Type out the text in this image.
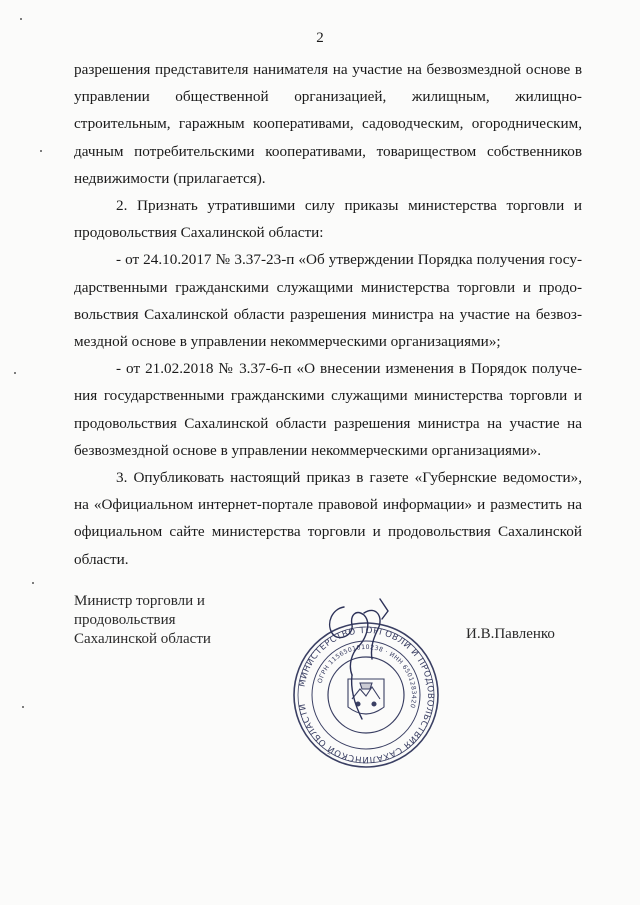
2

разрешения представителя нанимателя на участие на безвозмездной основе в управлении общественной организацией, жилищным, жилищно-строительным, гаражным кооперативами, садоводческим, огородническим, дачным потребительскими кооперативами, товариществом собственников недвижимости (прилагается).

2. Признать утратившими силу приказы министерства торговли и продовольствия Сахалинской области:

- от 24.10.2017 № 3.37-23-п «Об утверждении Порядка получения государственными гражданскими служащими министерства торговли и продовольствия Сахалинской области разрешения министра на участие на безвозмездной основе в управлении некоммерческими организациями»;

- от 21.02.2018 № 3.37-6-п «О внесении изменения в Порядок получения государственными гражданскими служащими министерства торговли и продовольствия Сахалинской области разрешения министра на участие на безвозмездной основе в управлении некоммерческими организациями».

3. Опубликовать настоящий приказ в газете «Губернские ведомости», на «Официальном интернет-портале правовой информации» и разместить на официальном сайте министерства торговли и продовольствия Сахалинской области.

Министр торговли и
продовольствия
Сахалинской области	И.В.Павленко
МИНИСТЕРСТВО ТОРГОВЛИ И ПРОДОВОЛЬСТВИЯ САХАЛИНСКОЙ ОБЛАСТИ
ОГРН 1156501010238 · ИНН 6501283420
